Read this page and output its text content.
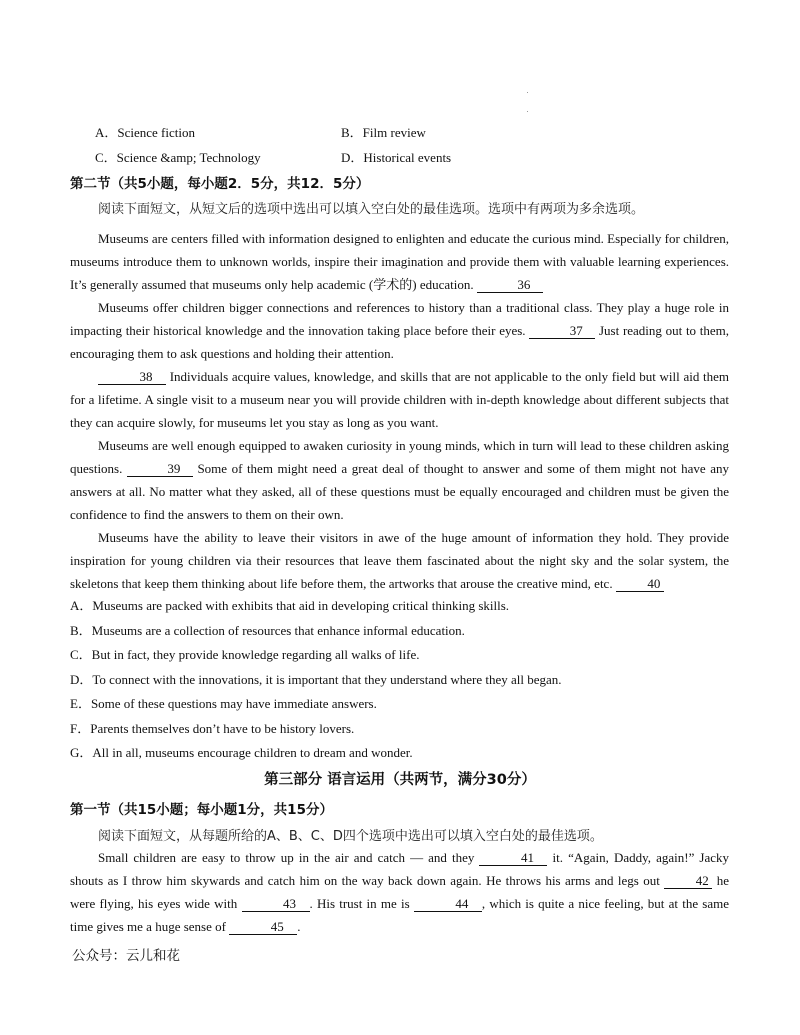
A．Science fiction	B．Film review
C．Science &amp; Technology	D．Historical events
第二节（共5小题，每小题2．5分，共12．5分）
阅读下面短文，从短文后的选项中选出可以填入空白处的最佳选项。选项中有两项为多余选项。

Museums are centers filled with information designed to enlighten and educate the curious mind. Especially for children, museums introduce them to unknown worlds, inspire their imagination and provide them with valuable learning experiences. It’s generally assumed that museums only help academic (学术的) education.	36

Museums offer children bigger connections and references to history than a traditional class. They play a huge role in impacting their historical knowledge and the innovation taking place before their eyes.	37 Just reading out to them, encouraging them to ask questions and holding their attention.

38 Individuals acquire values, knowledge, and skills that are not applicable to the only field but will aid them for a lifetime. A single visit to a museum near you will provide children with in-depth knowledge about different subjects that they can acquire slowly, for museums let you stay as long as you want.

Museums are well enough equipped to awaken curiosity in young minds, which in turn will lead to these children asking questions.	39 Some of them might need a great deal of thought to answer and some of them might not have any answers at all. No matter what they asked, all of these questions must be equally encouraged and children must be given the confidence to find the answers to them on their own.

Museums have the ability to leave their visitors in awe of the huge amount of information they hold. They provide inspiration for young children via their resources that leave them fascinated about the night sky and the solar system, the skeletons that keep them thinking about life before them, the artworks that arouse the creative mind, etc.	40

A．Museums are packed with exhibits that aid in developing critical thinking skills.
B．Museums are a collection of resources that enhance informal education.
C．But in fact, they provide knowledge regarding all walks of life.
D．To connect with the innovations, it is important that they understand where they all began.
E．Some of these questions may have immediate answers.
F．Parents themselves don’t have to be history lovers.
G．All in all, museums encourage children to dream and wonder.
第三部分 语言运用（共两节，满分30分）
第一节（共15小题；每小题1分，共15分）
阅读下面短文，从每题所给的A、B、C、D四个选项中选出可以填入空白处的最佳选项。

Small children are easy to throw up in the air and catch — and they	41 it. “Again, Daddy, again!” Jacky shouts as I throw him skywards and catch him on the way back down again. He throws his arms and legs out	42 he were flying, his eyes wide with	43 . His trust in me is	44 , which is quite a nice feeling, but at the same time gives me a huge sense of	45 .

公众号：云儿和花
